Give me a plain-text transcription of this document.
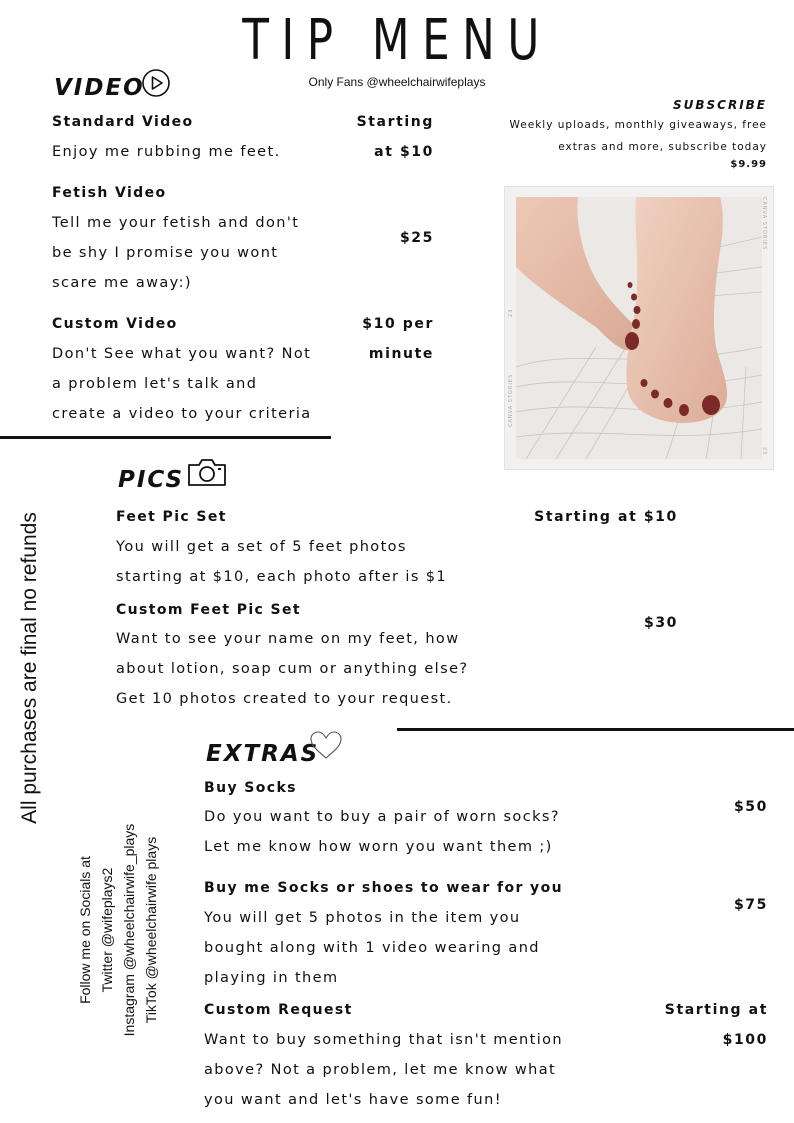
TIP MENU
Only Fans @wheelchairwifeplays
SUBSCRIBE
Weekly uploads, monthly giveaways, free
extras and more, subscribe today
$9.99
VIDEO
Standard Video
Enjoy me rubbing me feet.
Starting
at $10
Fetish Video
Tell me your fetish and don't
be shy I promise you wont
scare me away:)
$25
Custom Video
Don't See what you want? Not
a problem let's talk and
create a video to your criteria
$10 per
minute
CANVA STORIES
CANVA STORIES
23
23
PICS
Feet Pic Set
You will get a set of 5 feet photos
starting at $10, each photo after is $1
Starting at $10
Custom Feet Pic Set
Want to see your name on my feet, how
about lotion, soap cum or anything else?
Get 10 photos created to your request.
$30
EXTRAS
Buy Socks
Do you want to buy a pair of worn socks?
Let me know how worn you want them ;)
$50
Buy me Socks or shoes to wear for you
You will get 5 photos in the item you
bought along with 1 video wearing and
playing in them
$75
Custom Request
Want to buy something that isn't mention
above? Not a problem, let me know what
you want and let's have some fun!
Starting at
$100
All purchases are final no refunds
Follow me on Socials at Twitter @wifeplays2 Instagram @wheelchairwife_plays TikTok @wheelchairwife plays
